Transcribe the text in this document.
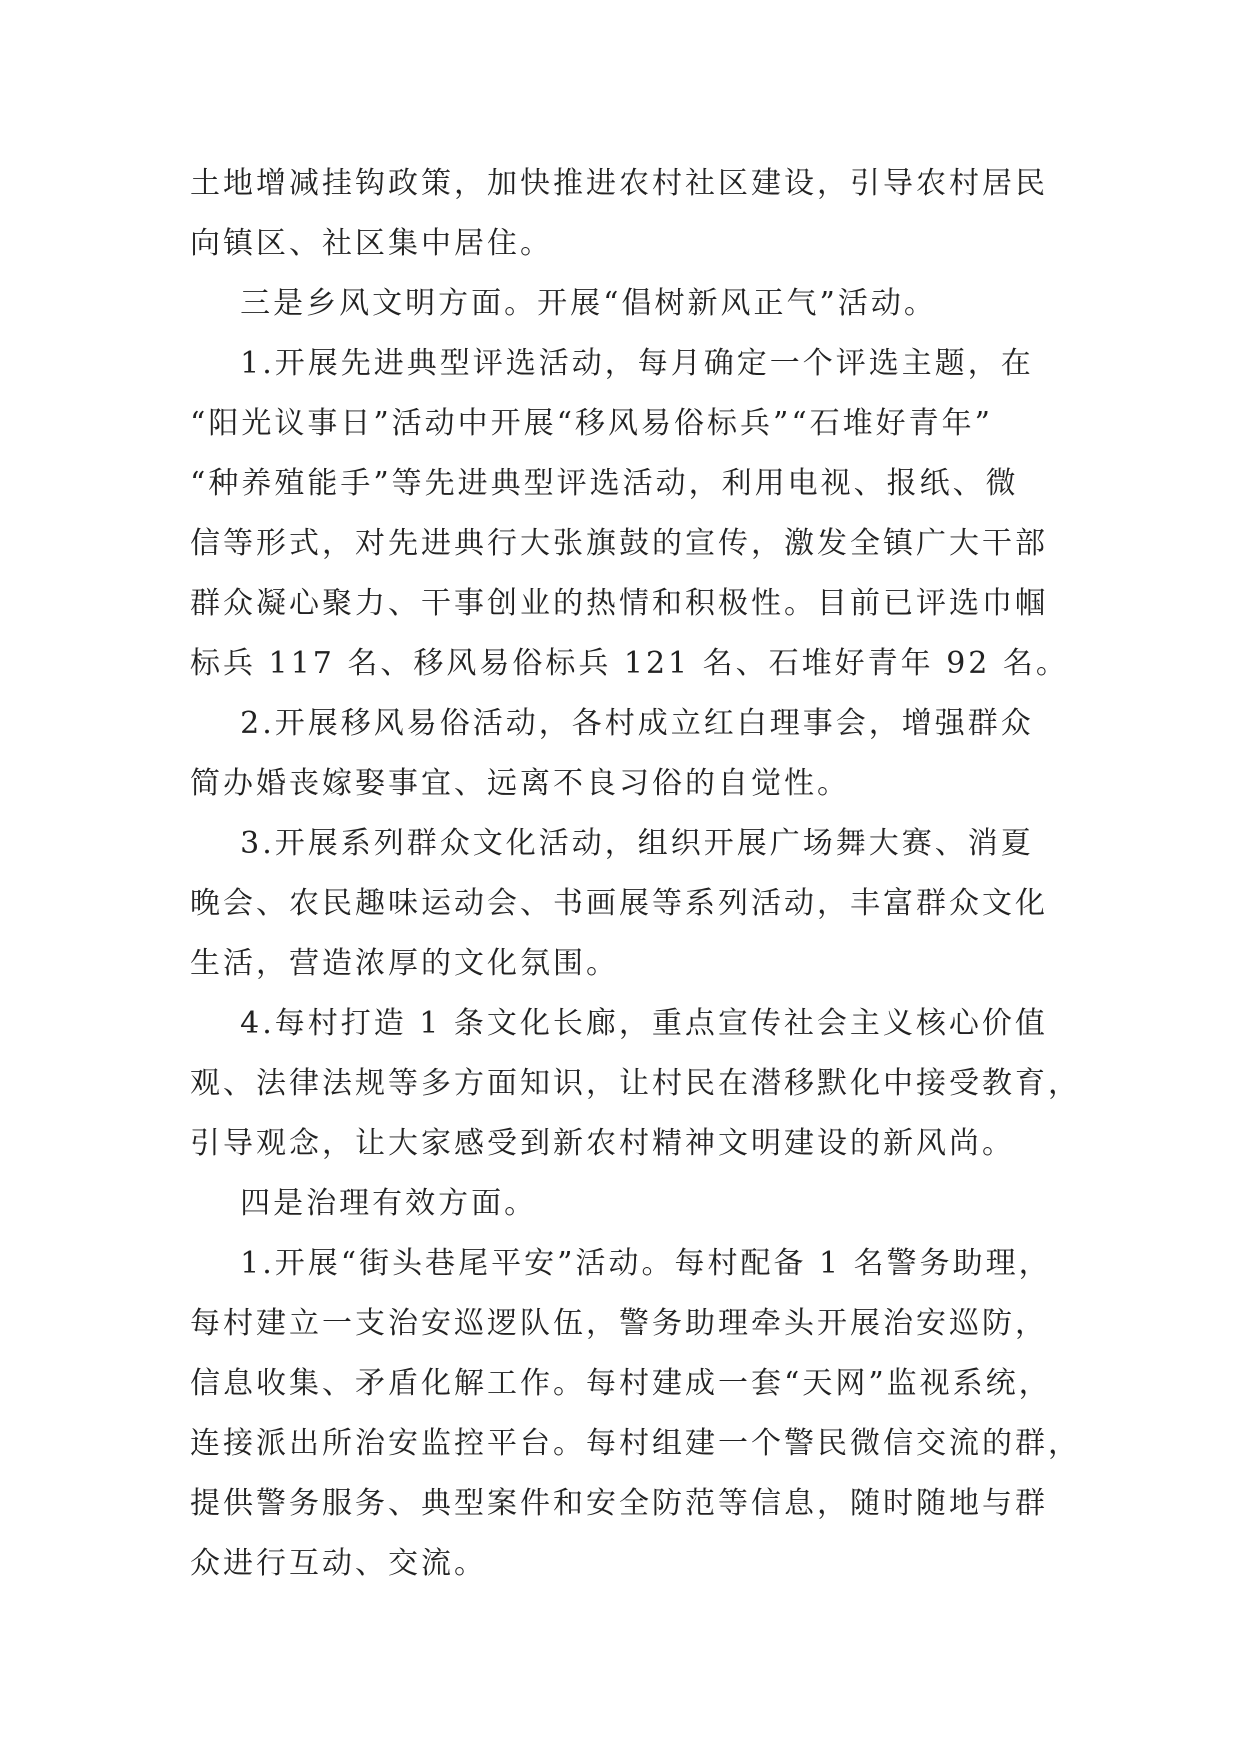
土地增减挂钩政策，加快推进农村社区建设，引导农村居民
向镇区、社区集中居住。
三是乡风文明方面。开展“倡树新风正气”活动。
1.开展先进典型评选活动，每月确定一个评选主题，在
“阳光议事日”活动中开展“移风易俗标兵”“石堆好青年”
“种养殖能手”等先进典型评选活动，利用电视、报纸、微
信等形式，对先进典行大张旗鼓的宣传，激发全镇广大干部
群众凝心聚力、干事创业的热情和积极性。目前已评选巾帼
标兵 117 名、移风易俗标兵 121 名、石堆好青年 92 名。
2.开展移风易俗活动，各村成立红白理事会，增强群众
简办婚丧嫁娶事宜、远离不良习俗的自觉性。
3.开展系列群众文化活动，组织开展广场舞大赛、消夏
晚会、农民趣味运动会、书画展等系列活动，丰富群众文化
生活，营造浓厚的文化氛围。
4.每村打造 1 条文化长廊，重点宣传社会主义核心价值
观、法律法规等多方面知识，让村民在潜移默化中接受教育，
引导观念，让大家感受到新农村精神文明建设的新风尚。
四是治理有效方面。
1.开展“街头巷尾平安”活动。每村配备 1 名警务助理，
每村建立一支治安巡逻队伍，警务助理牵头开展治安巡防，
信息收集、矛盾化解工作。每村建成一套“天网”监视系统，
连接派出所治安监控平台。每村组建一个警民微信交流的群，
提供警务服务、典型案件和安全防范等信息，随时随地与群
众进行互动、交流。
